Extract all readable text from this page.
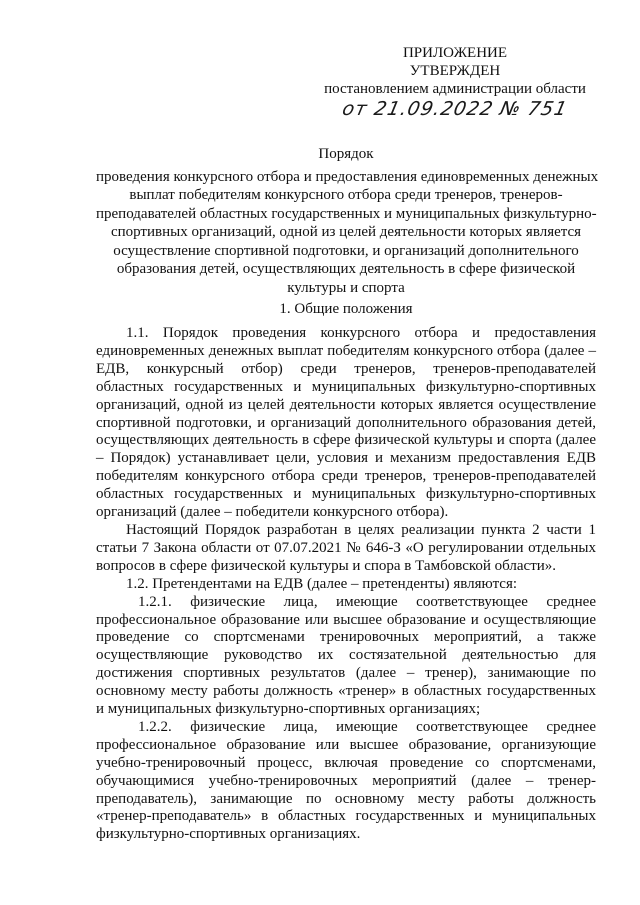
ПРИЛОЖЕНИЕ
УТВЕРЖДЕН
постановлением администрации области
от 21.09.2022 № 751
Порядок
проведения конкурсного отбора и предоставления единовременных денежных
выплат победителям конкурсного отбора среди тренеров, тренеров-
преподавателей областных государственных и муниципальных физкультурно-
спортивных организаций, одной из целей деятельности которых является
осуществление спортивной подготовки, и организаций дополнительного
образования детей, осуществляющих деятельность в сфере физической
культуры и спорта
1. Общие положения

1.1. Порядок проведения конкурсного отбора и предоставления единовременных денежных выплат победителям конкурсного отбора (далее – ЕДВ, конкурсный отбор) среди тренеров, тренеров-преподавателей областных государственных и муниципальных физкультурно-спортивных организаций, одной из целей деятельности которых является осуществление спортивной подготовки, и организаций дополнительного образования детей, осуществляющих деятельность в сфере физической культуры и спорта (далее – Порядок) устанавливает цели, условия и механизм предоставления ЕДВ победителям конкурсного отбора среди тренеров, тренеров-преподавателей областных государственных и муниципальных физкультурно-спортивных организаций (далее – победители конкурсного отбора).

Настоящий Порядок разработан в целях реализации пункта 2 части 1 статьи 7 Закона области от 07.07.2021 № 646-З «О регулировании отдельных вопросов в сфере физической культуры и спора в Тамбовской области».

1.2. Претендентами на ЕДВ (далее – претенденты) являются:

1.2.1. физические лица, имеющие соответствующее среднее профессиональное образование или высшее образование и осуществляющие проведение со спортсменами тренировочных мероприятий, а также осуществляющие руководство их состязательной деятельностью для достижения спортивных результатов (далее – тренер), занимающие по основному месту работы должность «тренер» в областных государственных и муниципальных физкультурно-спортивных организациях;

1.2.2. физические лица, имеющие соответствующее среднее профессиональное образование или высшее образование, организующие учебно-тренировочный процесс, включая проведение со спортсменами, обучающимися учебно-тренировочных мероприятий (далее – тренер-преподаватель), занимающие по основному месту работы должность «тренер-преподаватель» в областных государственных и муниципальных физкультурно-спортивных организациях.
